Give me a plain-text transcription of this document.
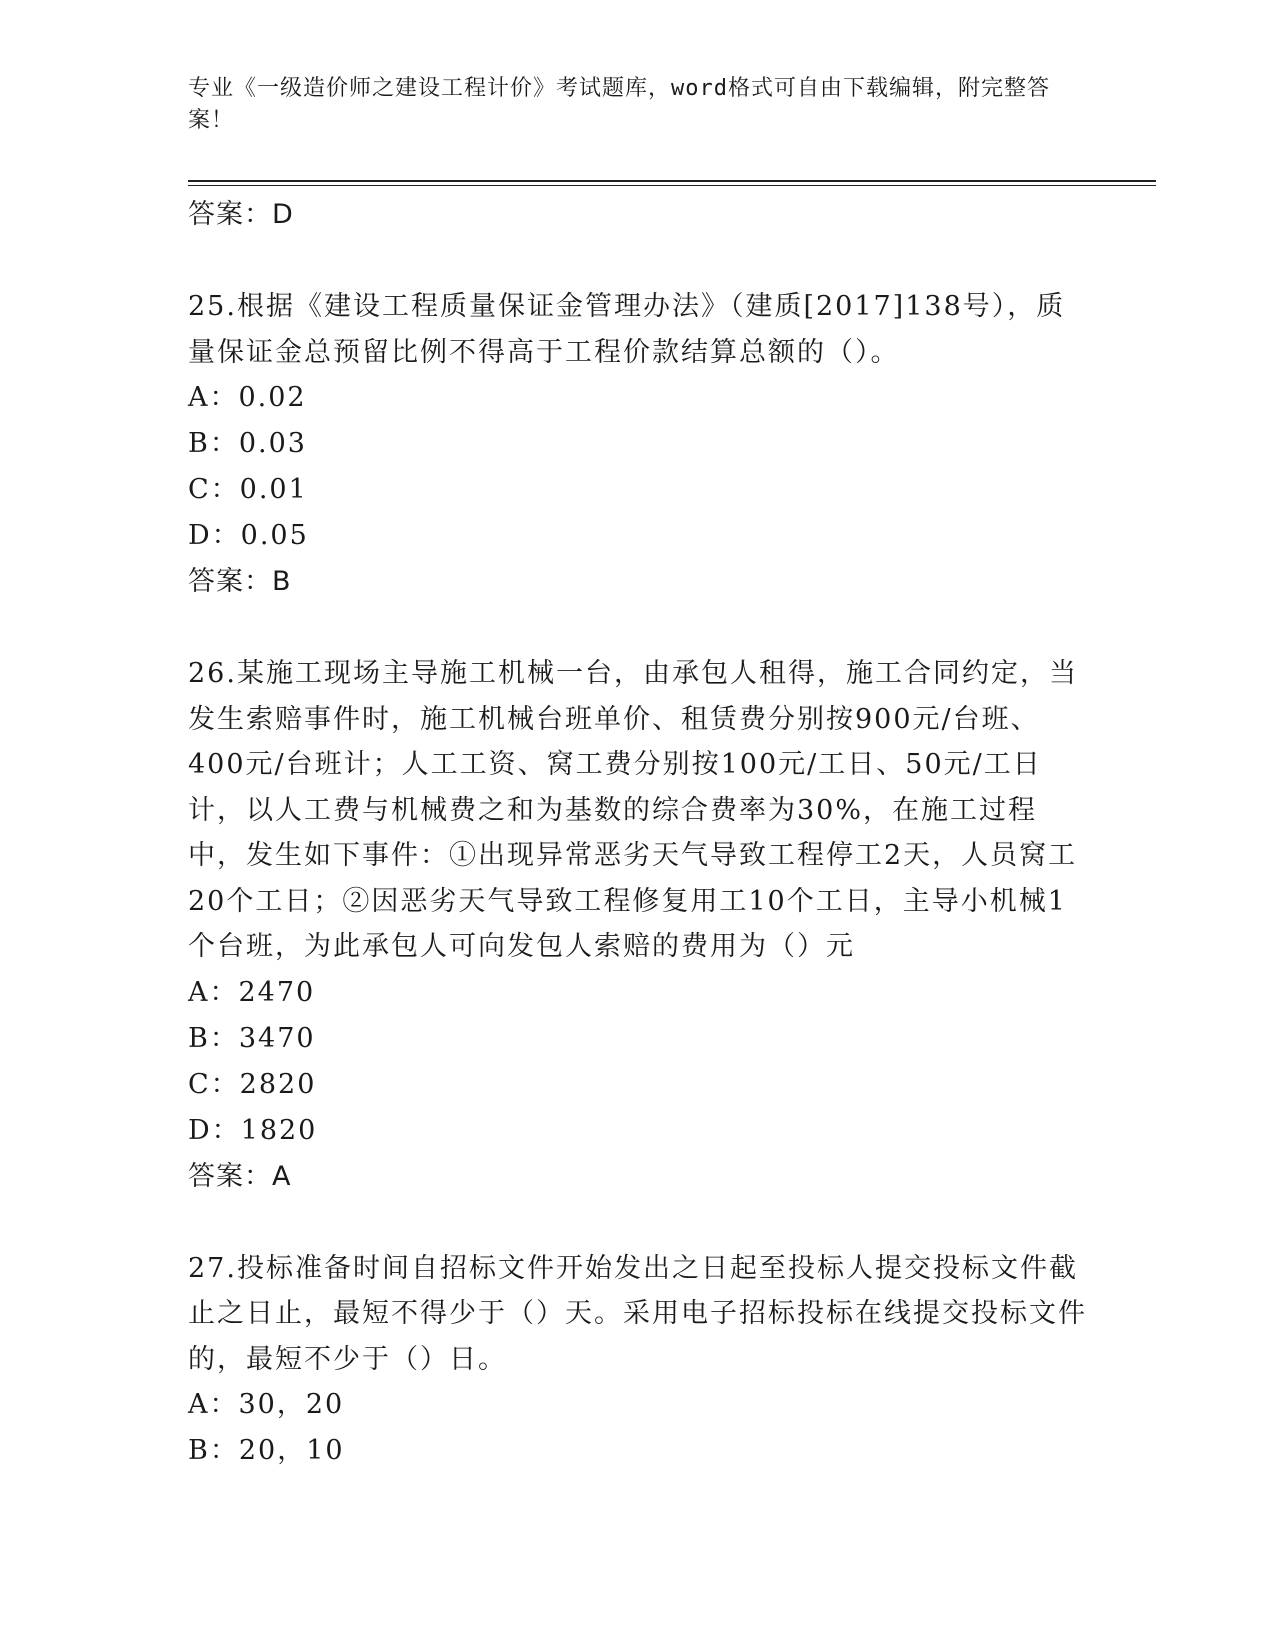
专业《一级造价师之建设工程计价》考试题库，word格式可自由下载编辑，附完整答案！
答案：D
25.根据《建设工程质量保证金管理办法》（建质[2017]138号），质量保证金总预留比例不得高于工程价款结算总额的（）。
A：0.02
B：0.03
C：0.01
D：0.05
答案：B
26.某施工现场主导施工机械一台，由承包人租得，施工合同约定，当发生索赔事件时，施工机械台班单价、租赁费分别按900元/台班、400元/台班计；人工工资、窝工费分别按100元/工日、50元/工日计，以人工费与机械费之和为基数的综合费率为30%，在施工过程中，发生如下事件：①出现异常恶劣天气导致工程停工2天，人员窝工20个工日；②因恶劣天气导致工程修复用工10个工日，主导小机械1个台班，为此承包人可向发包人索赔的费用为（）元
A：2470
B：3470
C：2820
D：1820
答案：A
27.投标准备时间自招标文件开始发出之日起至投标人提交投标文件截止之日止，最短不得少于（）天。采用电子招标投标在线提交投标文件的，最短不少于（）日。
A：30，20
B：20，10
